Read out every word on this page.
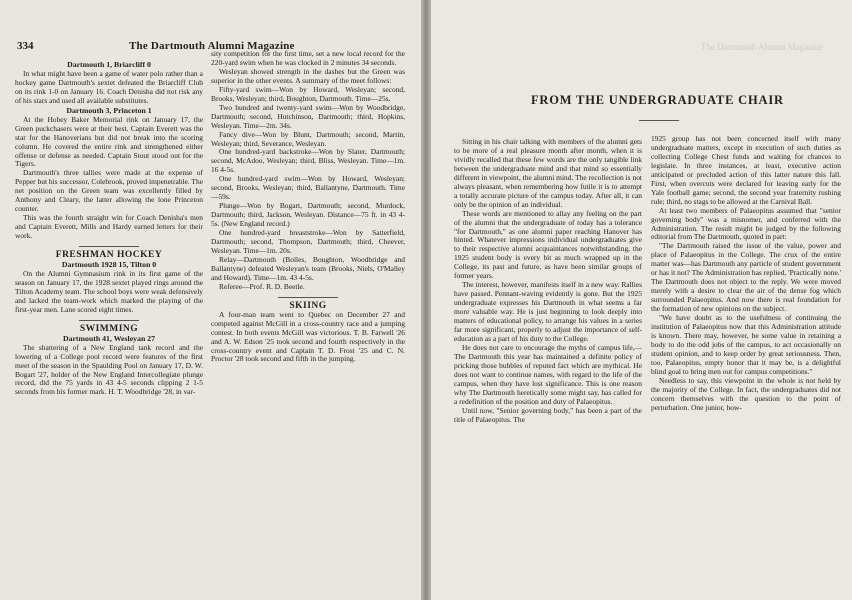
334	The Dartmouth Alumni Magazine

Dartmouth 1, Briarcliff 0

In what might have been a game of water polo rather than a hockey game Dartmouth's sextet defeated the Briarcliff Club on its rink 1-0 on January 16. Coach Denisha did not risk any of his stars and used all available substitutes.

Dartmouth 3, Princeton 1

At the Hobey Baker Memorial rink on January 17, the Green puckchasers were at their best. Captain Everett was the star for the Hanoverians but did not break into the scoring column. He covered the entire rink and strengthened either offense or defense as needed. Captain Stout stood out for the Tigers.

Dartmouth's three tallies were made at the expense of Pepper but his successor, Colebrook, proved impenetrable. The net position on the Green team was excellently filled by Anthony and Cleary, the latter allowing the lone Princeton counter.

This was the fourth straight win for Coach Denisha's men and Captain Everett, Mills and Hardy earned letters for their work.

FRESHMAN HOCKEY

Dartmouth 1928 15, Tilton 0

On the Alumni Gymnasium rink in its first game of the season on January 17, the 1928 sextet played rings around the Tilton Academy team. The school boys were weak defensively and lacked the team-work which marked the playing of the first-year men. Lane scored eight times.

SWIMMING

Dartmouth 41, Wesleyan 27

The shattering of a New England tank record and the lowering of a College pool record were features of the first meet of the season in the Spaulding Pool on January 17, D. W. Bogart '27, holder of the New England Intercollegiate plunge record, did the 75 yards in 43 4-5 seconds clipping 2 1-5 seconds from his former mark. H. T. Woodbridge '28, in var-

sity competition for the first time, set a new local record for the 220-yard swim when he was clocked in 2 minutes 34 seconds.

Wesleyan showed strength in the dashes but the Green was superior in the other events. A summary of the meet follows:

Fifty-yard swim—Won by Howard, Wesleyan; second, Brooks, Wesleyan; third, Boughton, Dartmouth. Time—25s.

Two hundred and twenty-yard swim—Won by Woodbridge, Dartmouth; second, Hutchinson, Dartmouth; third, Hopkins, Wesleyan. Time—2m. 34s.

Fancy dive—Won by Blunt, Dartmouth; second, Martin, Wesleyan; third, Severance, Wesleyan.

One hundred-yard backstroke—Won by Slater, Dartmouth; second, McAdoo, Wesleyan; third, Bliss, Wesleyan. Time—1m. 16 4-5s.

One hundred-yard swim—Won by Howard, Wesleyan; second, Brooks, Wesleyan; third, Ballantyne, Dartmouth. Time—59s.

Plunge—Won by Bogart, Dartmouth; second, Murdock, Dartmouth; third, Jackson, Wesleyan. Distance—75 ft. in 43 4-5s. (New England record.)

One hundred-yard breaststroke—Won by Satterfield, Dartmouth; second, Thompson, Dartmouth; third, Cheever, Wesleyan. Time—1m. 20s.

Relay—Dartmouth (Bolles, Boughton, Woodbridge and Ballantyne) defeated Wesleyan's team (Brooks, Niels, O'Malley and Howard). Time—1m. 43 4-5s.

Referee—Prof. R. D. Beetle.

SKIING

A four-man team went to Quebec on December 27 and competed against McGill in a cross-country race and a jumping contest. In both events McGill was victorious. T. B. Farwell '26 and A. W. Edson '25 took second and fourth respectively in the cross-country event and Captain T. D. Frost '25 and C. N. Proctor '28 took second and fifth in the jumping.

The Dartmouth Alumni Magazine
FROM THE UNDERGRADUATE CHAIR

Sitting in his chair talking with members of the alumni gets to be more of a real pleasure month after month, when it is vividly recalled that these few words are the only tangible link between the undergraduate mind and that mind so essentially different in viewpoint, the alumni mind. The recollection is not always pleasant, when remembering how futile it is to attempt a totally accurate picture of the campus today. After all, it can only be the opinion of an individual.

These words are mentioned to allay any feeling on the part of the alumni that the undergraduate of today has a tolerance "for Dartmouth," as one alumni paper reaching Hanover has hinted. Whatever impressions individual undergraduates give to their respective alumni acquaintances notwithstanding, the 1925 student body is every bit as much wrapped up in the College, its past and future, as have been similar groups of former years.

The interest, however, manifests itself in a new way. Rallies have passed. Pennant-waving evidently is gone. But the 1925 undergraduate expresses his Dartmouth in what seems a far more valuable way. He is just beginning to look deeply into matters of educational policy, to arrange his values in a series far more significant, properly to adjust the importance of self-education as a part of his duty to the College.

He does not care to encourage the myths of campus life,—The Dartmouth this year has maintained a definite policy of pricking those bubbles of reputed fact which are mythical. He does not want to continue names, with regard to the life of the campus, when they have lost significance. This is one reason why The Dartmouth heretically some might say, has called for a redefinition of the position and duty of Palaeopitus.

Until now, "Senior governing body," has been a part of the title of Palaeopitus. The

1925 group has not been concerned itself with many undergraduate matters, except in execution of such duties as collecting College Chest funds and waiting for chances to legislate. In three instances, at least, executive action anticipated or precluded action of this latter nature this fall. First, when overcuts were declared for leaving early for the Yale football game; second, the second year fraternity rushing rule; third, no stags to be allowed at the Carnival Ball.

At least two members of Palaeopitus assumed that "senior governing body" was a misnomer, and conferred with the Administration. The result might be judged by the following editorial from The Dartmouth, quoted in part:

"The Dartmouth raised the issue of the value, power and place of Palaeopitus in the College. The crux of the entire matter was—has Dartmouth any particle of student government or has it not? The Administration has replied, 'Practically none.' The Dartmouth does not object to the reply. We were moved merely with a desire to clear the air of the dense fog which surrounded Palaeopitus. And now there is real foundation for the formation of new opinions on the subject.

"We have doubt as to the usefulness of continuing the institution of Palaeopitus now that this Administration attitude is known. There may, however, be some value in retaining a body to do the odd jobs of the campus, to act occasionally on student opinion, and to keep order by great seriousness. Then, too, Palaeopitus, empty honor that it may be, is a delightful blind goal to bring men out for campus competitions."

Needless to say, this viewpoint in the whole is not held by the majority of the College. In fact, the undergraduates did not concern themselves with the question to the point of perturbation. One junior, how-
